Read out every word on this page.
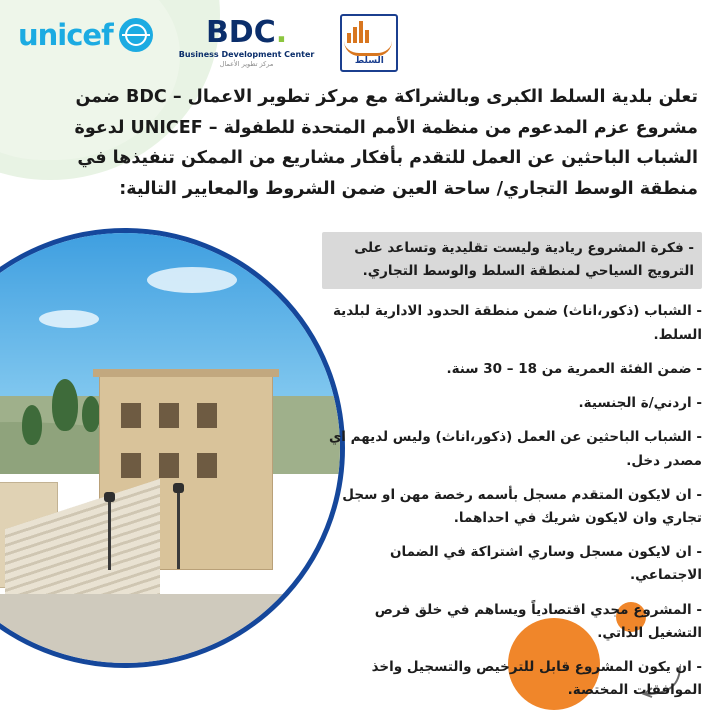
unicef	BDC.
Business Development Center
مركز تطوير الأعمال	السلط
تعلن بلدية السلط الكبرى وبالشراكة مع مركز تطوير الاعمال – BDC ضمن مشروع عزم المدعوم من منظمة الأمم المتحدة للطفولة – UNICEF لدعوة الشباب الباحثين عن العمل للتقدم بأفكار مشاريع من الممكن تنفيذها في منطقة الوسط التجاري/ ساحة العين ضمن الشروط والمعايير التالية:
- فكرة المشروع ريادية وليست تقليدية وتساعد على الترويج السياحي لمنطقة السلط والوسط التجاري.
- الشباب (ذكور،اناث) ضمن منطقة الحدود الادارية لبلدية السلط.
- ضمن الفئة العمرية من 18 – 30 سنة.
- اردني/ة الجنسية.
- الشباب الباحثين عن العمل (ذكور،اناث) وليس لديهم اي مصدر دخل.
- ان لايكون المتقدم مسجل بأسمه رخصة مهن او سجل تجاري وان لايكون شريك في احداهما.
- ان لايكون مسجل وساري اشتراكة في الضمان الاجتماعي.
- المشروع مجدي اقتصادياً ويساهم في خلق فرص التشغيل الذاتي.
- ان يكون المشروع قابل للترخيص والتسجيل واخذ الموافقات المختصة.
